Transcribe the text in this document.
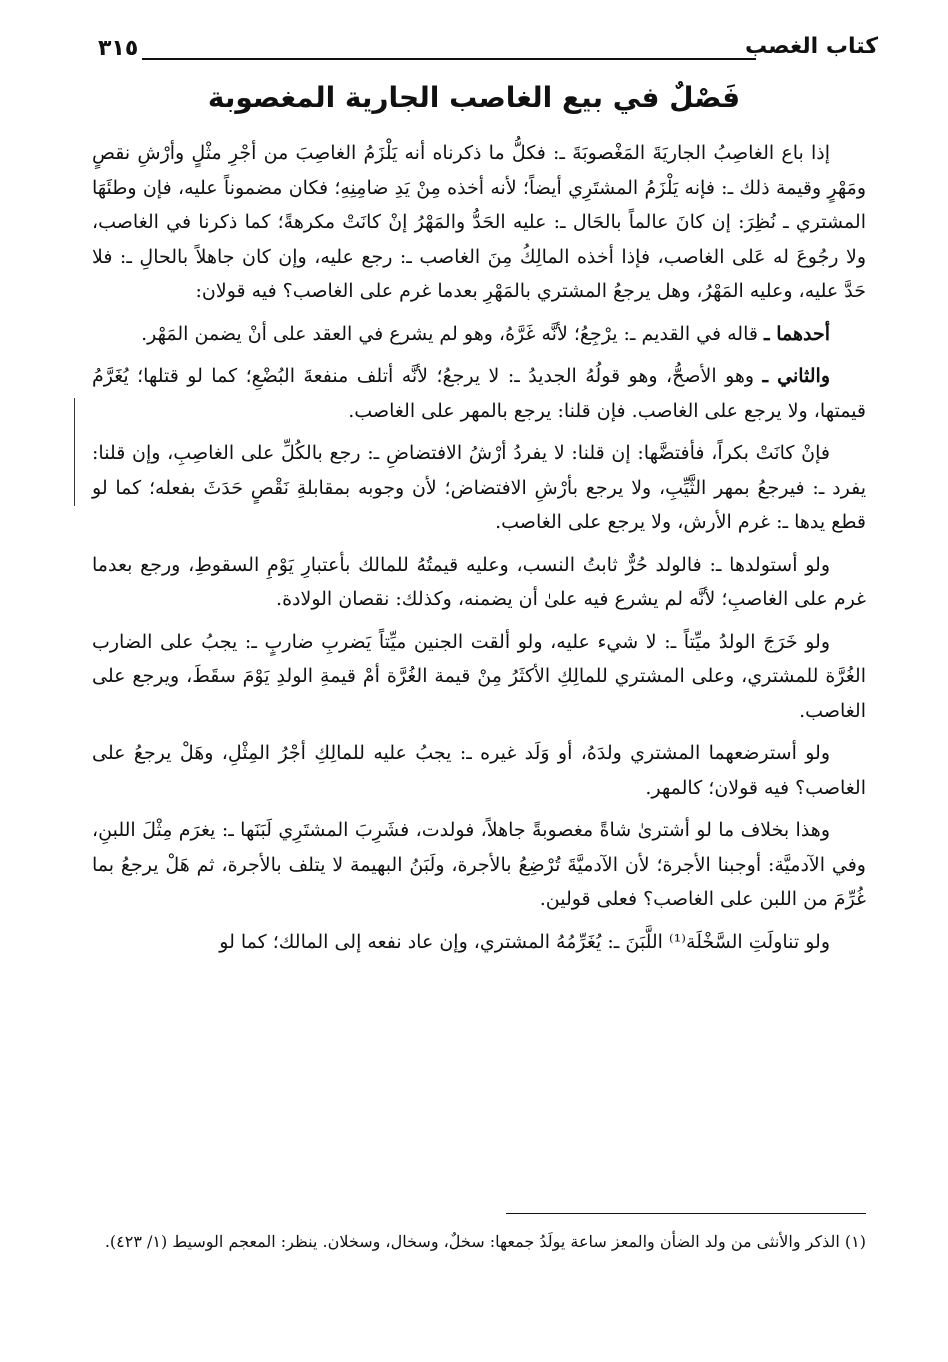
٣١٥	كتاب الغصب
فَصْلٌ في بيع الغاصب الجارية المغصوبة

إذا باع الغاصِبُ الجاريَةَ المَغْصوبَةَ ـ: فكلُّ ما ذكرناه أنه يَلْزَمُ الغاصِبَ من أجْرِ مثْلٍ وأرْشِ نقصٍ ومَهْرٍ وقيمة ذلك ـ: فإنه يَلْزَمُ المشتَرِي أيضاً؛ لأنه أخذه مِنْ يَدِ ضامِنِهِ؛ فكان مضموناً عليه، فإن وطئَهَا المشتري ـ نُظِرَ: إن كانَ عالماً بالحَال ـ: عليه الحَدُّ والمَهْرُ إنْ كانَتْ مكرهةً؛ كما ذكرنا في الغاصب، ولا رجُوعَ له عَلى الغاصب، فإذا أخذه المالِكُ مِنَ الغاصب ـ: رجع عليه، وإن كان جاهلاً بالحالِ ـ: فلا حَدَّ عليه، وعليه المَهْرُ، وهل يرجعُ المشتري بالمَهْرِ بعدما غرم على الغاصب؟ فيه قولان:

أحدهما ـ قاله في القديم ـ: يرْجِعُ؛ لأنَّه غَرَّهُ، وهو لم يشرع في العقد على أنْ يضمن المَهْر.

والثاني ـ وهو الأصحُّ، وهو قولُهُ الجديدُ ـ: لا يرجعُ؛ لأنَّه أتلف منفعةَ البُضْعِ؛ كما لو قتلها؛ يُغَرَّمُ قيمتها، ولا يرجع على الغاصب. فإن قلنا: يرجع بالمهر على الغاصب.

فإنْ كانَتْ بكراً، فأفتضَّها: إن قلنا: لا يفردُ أرْشُ الافتضاضِ ـ: رجع بالكُلِّ على الغاصِبِ، وإن قلنا: يفرد ـ: فيرجعُ بمهر الثَّيِّبِ، ولا يرجع بأرْشِ الافتضاض؛ لأن وجوبه بمقابلةِ نَقْصٍ حَدَثَ بفعله؛ كما لو قطع يدها ـ: غرم الأرش، ولا يرجع على الغاصب.

ولو أستولدها ـ: فالولد حُرٌّ ثابتُ النسب، وعليه قيمتُهُ للمالك بأعتبارِ يَوْمِ السقوطِ، ورجع بعدما غرم على الغاصبِ؛ لأنَّه لم يشرع فيه علىٰ أن يضمنه، وكذلك: نقصان الولادة.

ولو خَرَجَ الولدُ ميِّتاً ـ: لا شيء عليه، ولو ألقت الجنين ميِّتاً يَضربِ ضاربٍ ـ: يجبُ على الضارب الغُرَّة للمشتري، وعلى المشتري للمالِكِ الأكثَرُ مِنْ قيمة الغُرَّة أمْ قيمةِ الولدِ يَوْمَ سقَطَ، ويرجع على الغاصب.

ولو أسترضعهما المشتري ولدَهُ، أو وَلَد غيره ـ: يجبُ عليه للمالِكِ أجْرُ المِثْلِ، وهَلْ يرجعُ على الغاصب؟ فيه قولان؛ كالمهر.

وهذا بخلاف ما لو أشترىٰ شاةً مغصوبةً جاهلاً، فولدت، فشَرِبَ المشتَرِي لَبَنَها ـ: يغرَم مِثْلَ اللبنِ، وفي الآدميَّة: أوجبنا الأجرة؛ لأن الآدميَّةَ تُرْضِعُ بالأجرة، ولَبَنُ البهيمة لا يتلف بالأجرة، ثم هَلْ يرجعُ بما غُرِّمَ من اللبن على الغاصب؟ فعلى قولين.

ولو تناولَتِ السَّخْلَة⁽¹⁾ اللَّبَنَ ـ: يُغَرِّمُهُ المشتري، وإن عاد نفعه إلى المالك؛ كما لو

(١) الذكر والأنثى من ولد الضأن والمعز ساعة يولَدُ جمعها: سخلٌ، وسخال، وسخلان. ينظر: المعجم الوسيط (١/ ٤٢٣).
